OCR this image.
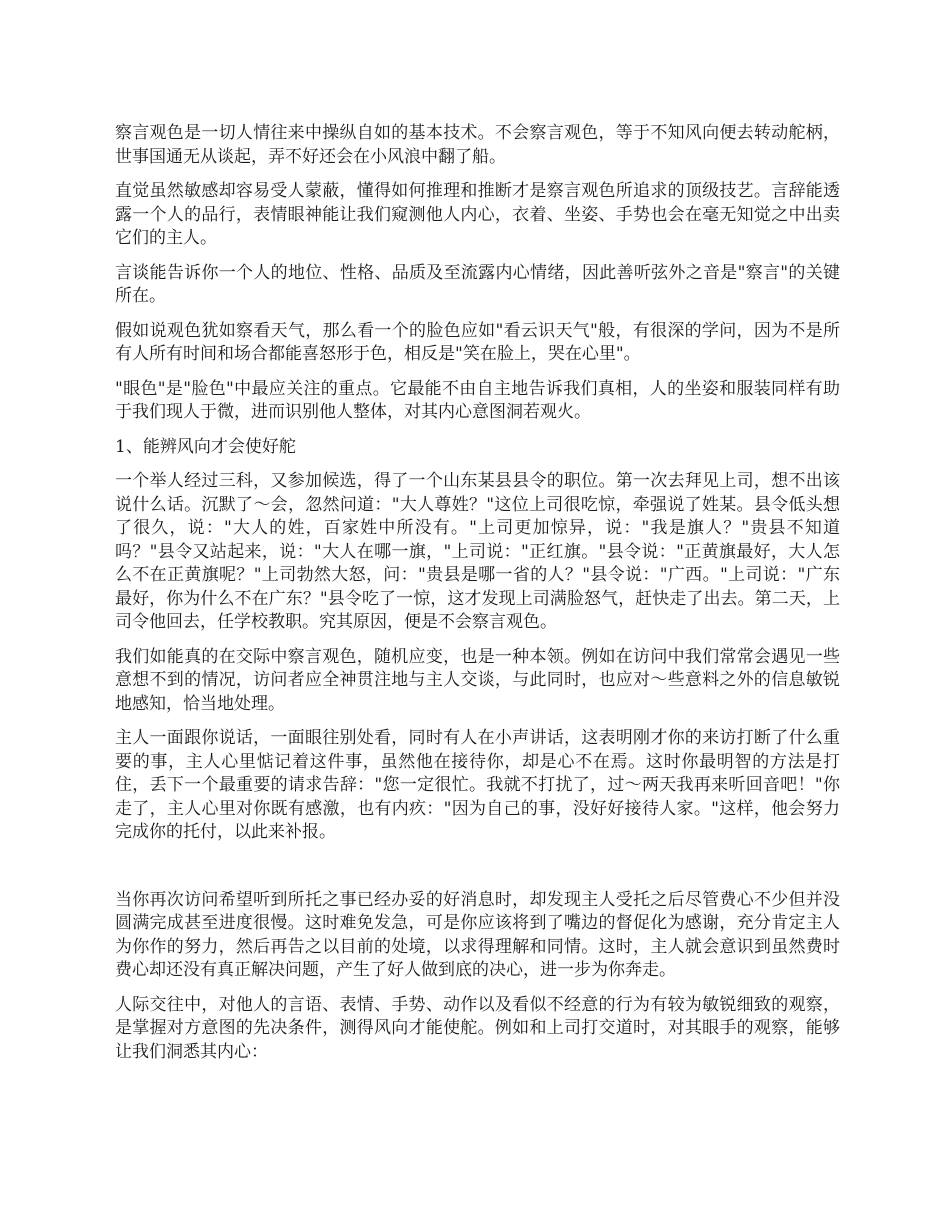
察言观色是一切人情往来中操纵自如的基本技术。不会察言观色，等于不知风向便去转动舵柄，世事国通无从谈起，弄不好还会在小风浪中翻了船。

直觉虽然敏感却容易受人蒙蔽，懂得如何推理和推断才是察言观色所追求的顶级技艺。言辞能透露一个人的品行，表情眼神能让我们窥测他人内心，衣着、坐姿、手势也会在毫无知觉之中出卖它们的主人。

言谈能告诉你一个人的地位、性格、品质及至流露内心情绪，因此善听弦外之音是"察言"的关键所在。

假如说观色犹如察看天气，那么看一个的脸色应如"看云识天气"般，有很深的学问，因为不是所有人所有时间和场合都能喜怒形于色，相反是"笑在脸上，哭在心里"。

"眼色"是"脸色"中最应关注的重点。它最能不由自主地告诉我们真相，人的坐姿和服装同样有助于我们现人于微，进而识别他人整体，对其内心意图洞若观火。

1、能辨风向才会使好舵

一个举人经过三科，又参加候选，得了一个山东某县县令的职位。第一次去拜见上司，想不出该说什么话。沉默了～会，忽然问道："大人尊姓？"这位上司很吃惊，牵强说了姓某。县令低头想了很久，说："大人的姓，百家姓中所没有。"上司更加惊异，说："我是旗人？"贵县不知道吗？"县令又站起来，说："大人在哪一旗，"上司说："正红旗。"县令说："正黄旗最好，大人怎么不在正黄旗呢？"上司勃然大怒，问："贵县是哪一省的人？"县令说："广西。"上司说："广东最好，你为什么不在广东？"县令吃了一惊，这才发现上司满脸怒气，赶快走了出去。第二天，上司令他回去，任学校教职。究其原因，便是不会察言观色。

我们如能真的在交际中察言观色，随机应变，也是一种本领。例如在访问中我们常常会遇见一些意想不到的情况，访问者应全神贯注地与主人交谈，与此同时，也应对～些意料之外的信息敏锐地感知，恰当地处理。

主人一面跟你说话，一面眼往别处看，同时有人在小声讲话，这表明刚才你的来访打断了什么重要的事，主人心里惦记着这件事，虽然他在接待你，却是心不在焉。这时你最明智的方法是打住，丢下一个最重要的请求告辞："您一定很忙。我就不打扰了，过～两天我再来听回音吧！"你走了，主人心里对你既有感激，也有内疚："因为自己的事，没好好接待人家。"这样，他会努力完成你的托付，以此来补报。

当你再次访问希望听到所托之事已经办妥的好消息时，却发现主人受托之后尽管费心不少但并没圆满完成甚至进度很慢。这时难免发急，可是你应该将到了嘴边的督促化为感谢，充分肯定主人为你作的努力，然后再告之以目前的处境，以求得理解和同情。这时，主人就会意识到虽然费时费心却还没有真正解决问题，产生了好人做到底的决心，进一步为你奔走。

人际交往中，对他人的言语、表情、手势、动作以及看似不经意的行为有较为敏锐细致的观察，是掌握对方意图的先决条件，测得风向才能使舵。例如和上司打交道时，对其眼手的观察，能够让我们洞悉其内心：
